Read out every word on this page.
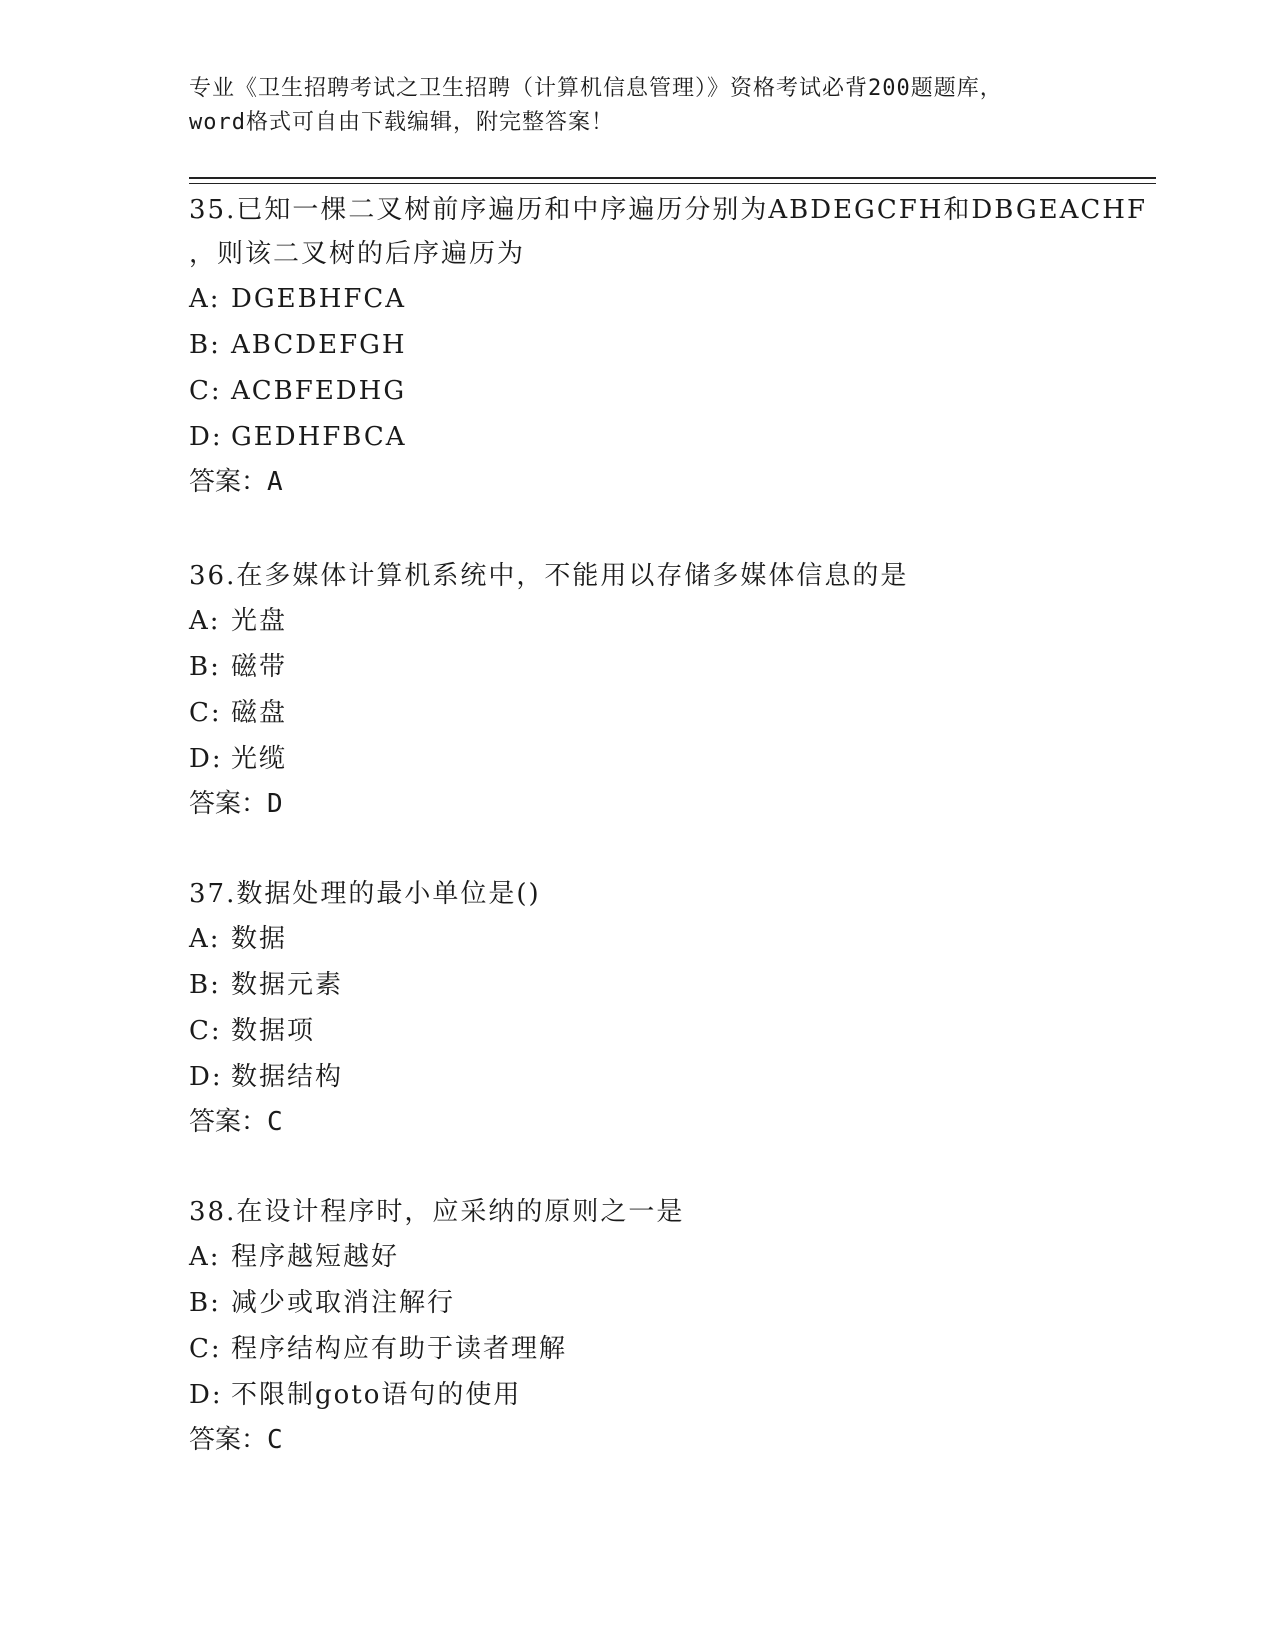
专业《卫生招聘考试之卫生招聘（计算机信息管理）》资格考试必背200题题库，
word格式可自由下载编辑，附完整答案！
35.已知一棵二叉树前序遍历和中序遍历分别为ABDEGCFH和DBGEACHF
，则该二叉树的后序遍历为
A: DGEBHFCA
B: ABCDEFGH
C: ACBFEDHG
D: GEDHFBCA
答案：A
36.在多媒体计算机系统中，不能用以存储多媒体信息的是
A: 光盘
B: 磁带
C: 磁盘
D: 光缆
答案：D
37.数据处理的最小单位是()
A: 数据
B: 数据元素
C: 数据项
D: 数据结构
答案：C
38.在设计程序时，应采纳的原则之一是
A: 程序越短越好
B: 减少或取消注解行
C: 程序结构应有助于读者理解
D: 不限制goto语句的使用
答案：C
